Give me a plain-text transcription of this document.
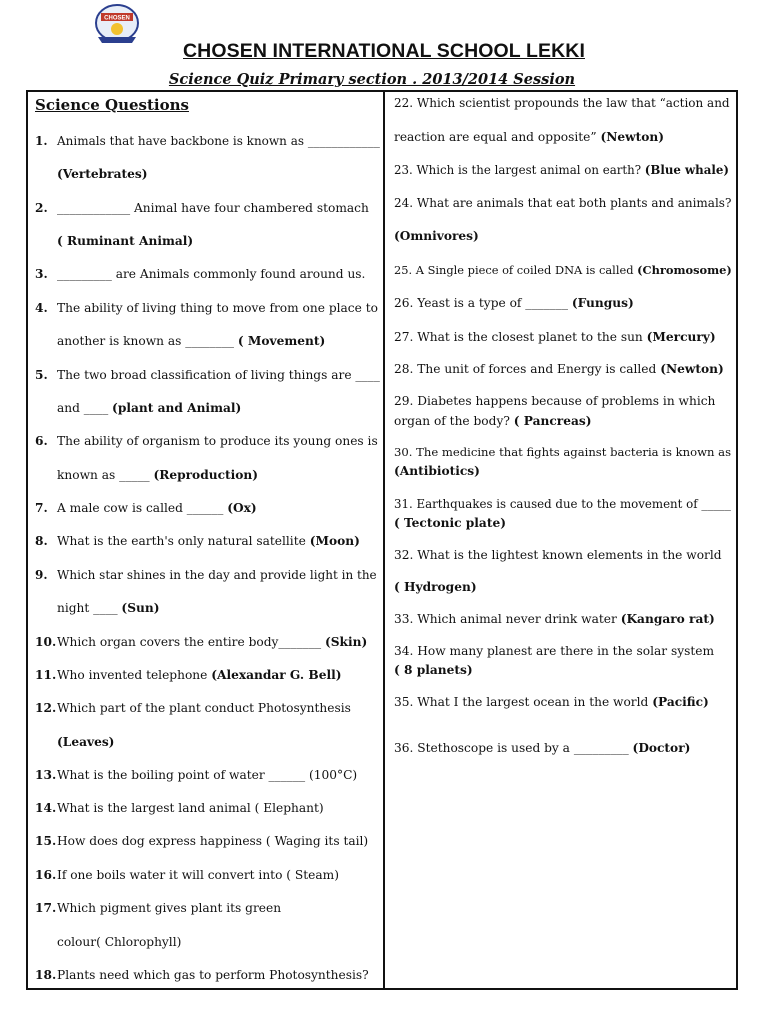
CHOSEN
CHOSEN INTERNATIONAL SCHOOL LEKKI
Science Quiz Primary section . 2013/2014 Session
Science Questions
1. Animals that have backbone is known as ____________
(Vertebrates)
2. ____________ Animal have four chambered stomach
( Ruminant Animal)
3. _________ are Animals commonly found around us.
4. The ability of living thing to move from one place to
another is known as ________ ( Movement)
5. The two broad classification of living things are ____
and ____ (plant and Animal)
6. The ability of organism to produce its young ones is
known as _____ (Reproduction)
7. A male cow is called ______ (Ox)
8. What is the earth's only natural satellite (Moon)
9. Which star shines in the day and provide light in the
night ____ (Sun)
10.Which organ covers the entire body_______ (Skin)
11.Who invented telephone (Alexandar G. Bell)
12.Which part of the plant conduct Photosynthesis
(Leaves)
13.What is the boiling point of water ______ (100°C)
14.What is the largest land animal ( Elephant)
15.How does dog express happiness ( Waging its tail)
16.If one boils water it will convert into ( Steam)
17.Which pigment gives plant its green
colour( Chlorophyll)
18.Plants need which gas to perform Photosynthesis?
22. Which scientist propounds the law that “action and
reaction are equal and opposite” (Newton)
23. Which is the largest animal on earth? (Blue whale)
24. What are animals that eat both plants and animals?
(Omnivores)
25. A Single piece of coiled DNA is called (Chromosome)
26. Yeast is a type of _______ (Fungus)
27. What is the closest planet to the sun (Mercury)
28. The unit of forces and Energy is called (Newton)
29. Diabetes happens because of problems in which
organ of the body? ( Pancreas)
30. The medicine that fights against bacteria is known as
(Antibiotics)
31. Earthquakes is caused due to the movement of _____
( Tectonic plate)
32. What is the lightest known elements in the world
( Hydrogen)
33. Which animal never drink water (Kangaro rat)
34. How many planest are there in the solar system
( 8 planets)
35. What I the largest ocean in the world (Pacific)
36. Stethoscope is used by a _________ (Doctor)
